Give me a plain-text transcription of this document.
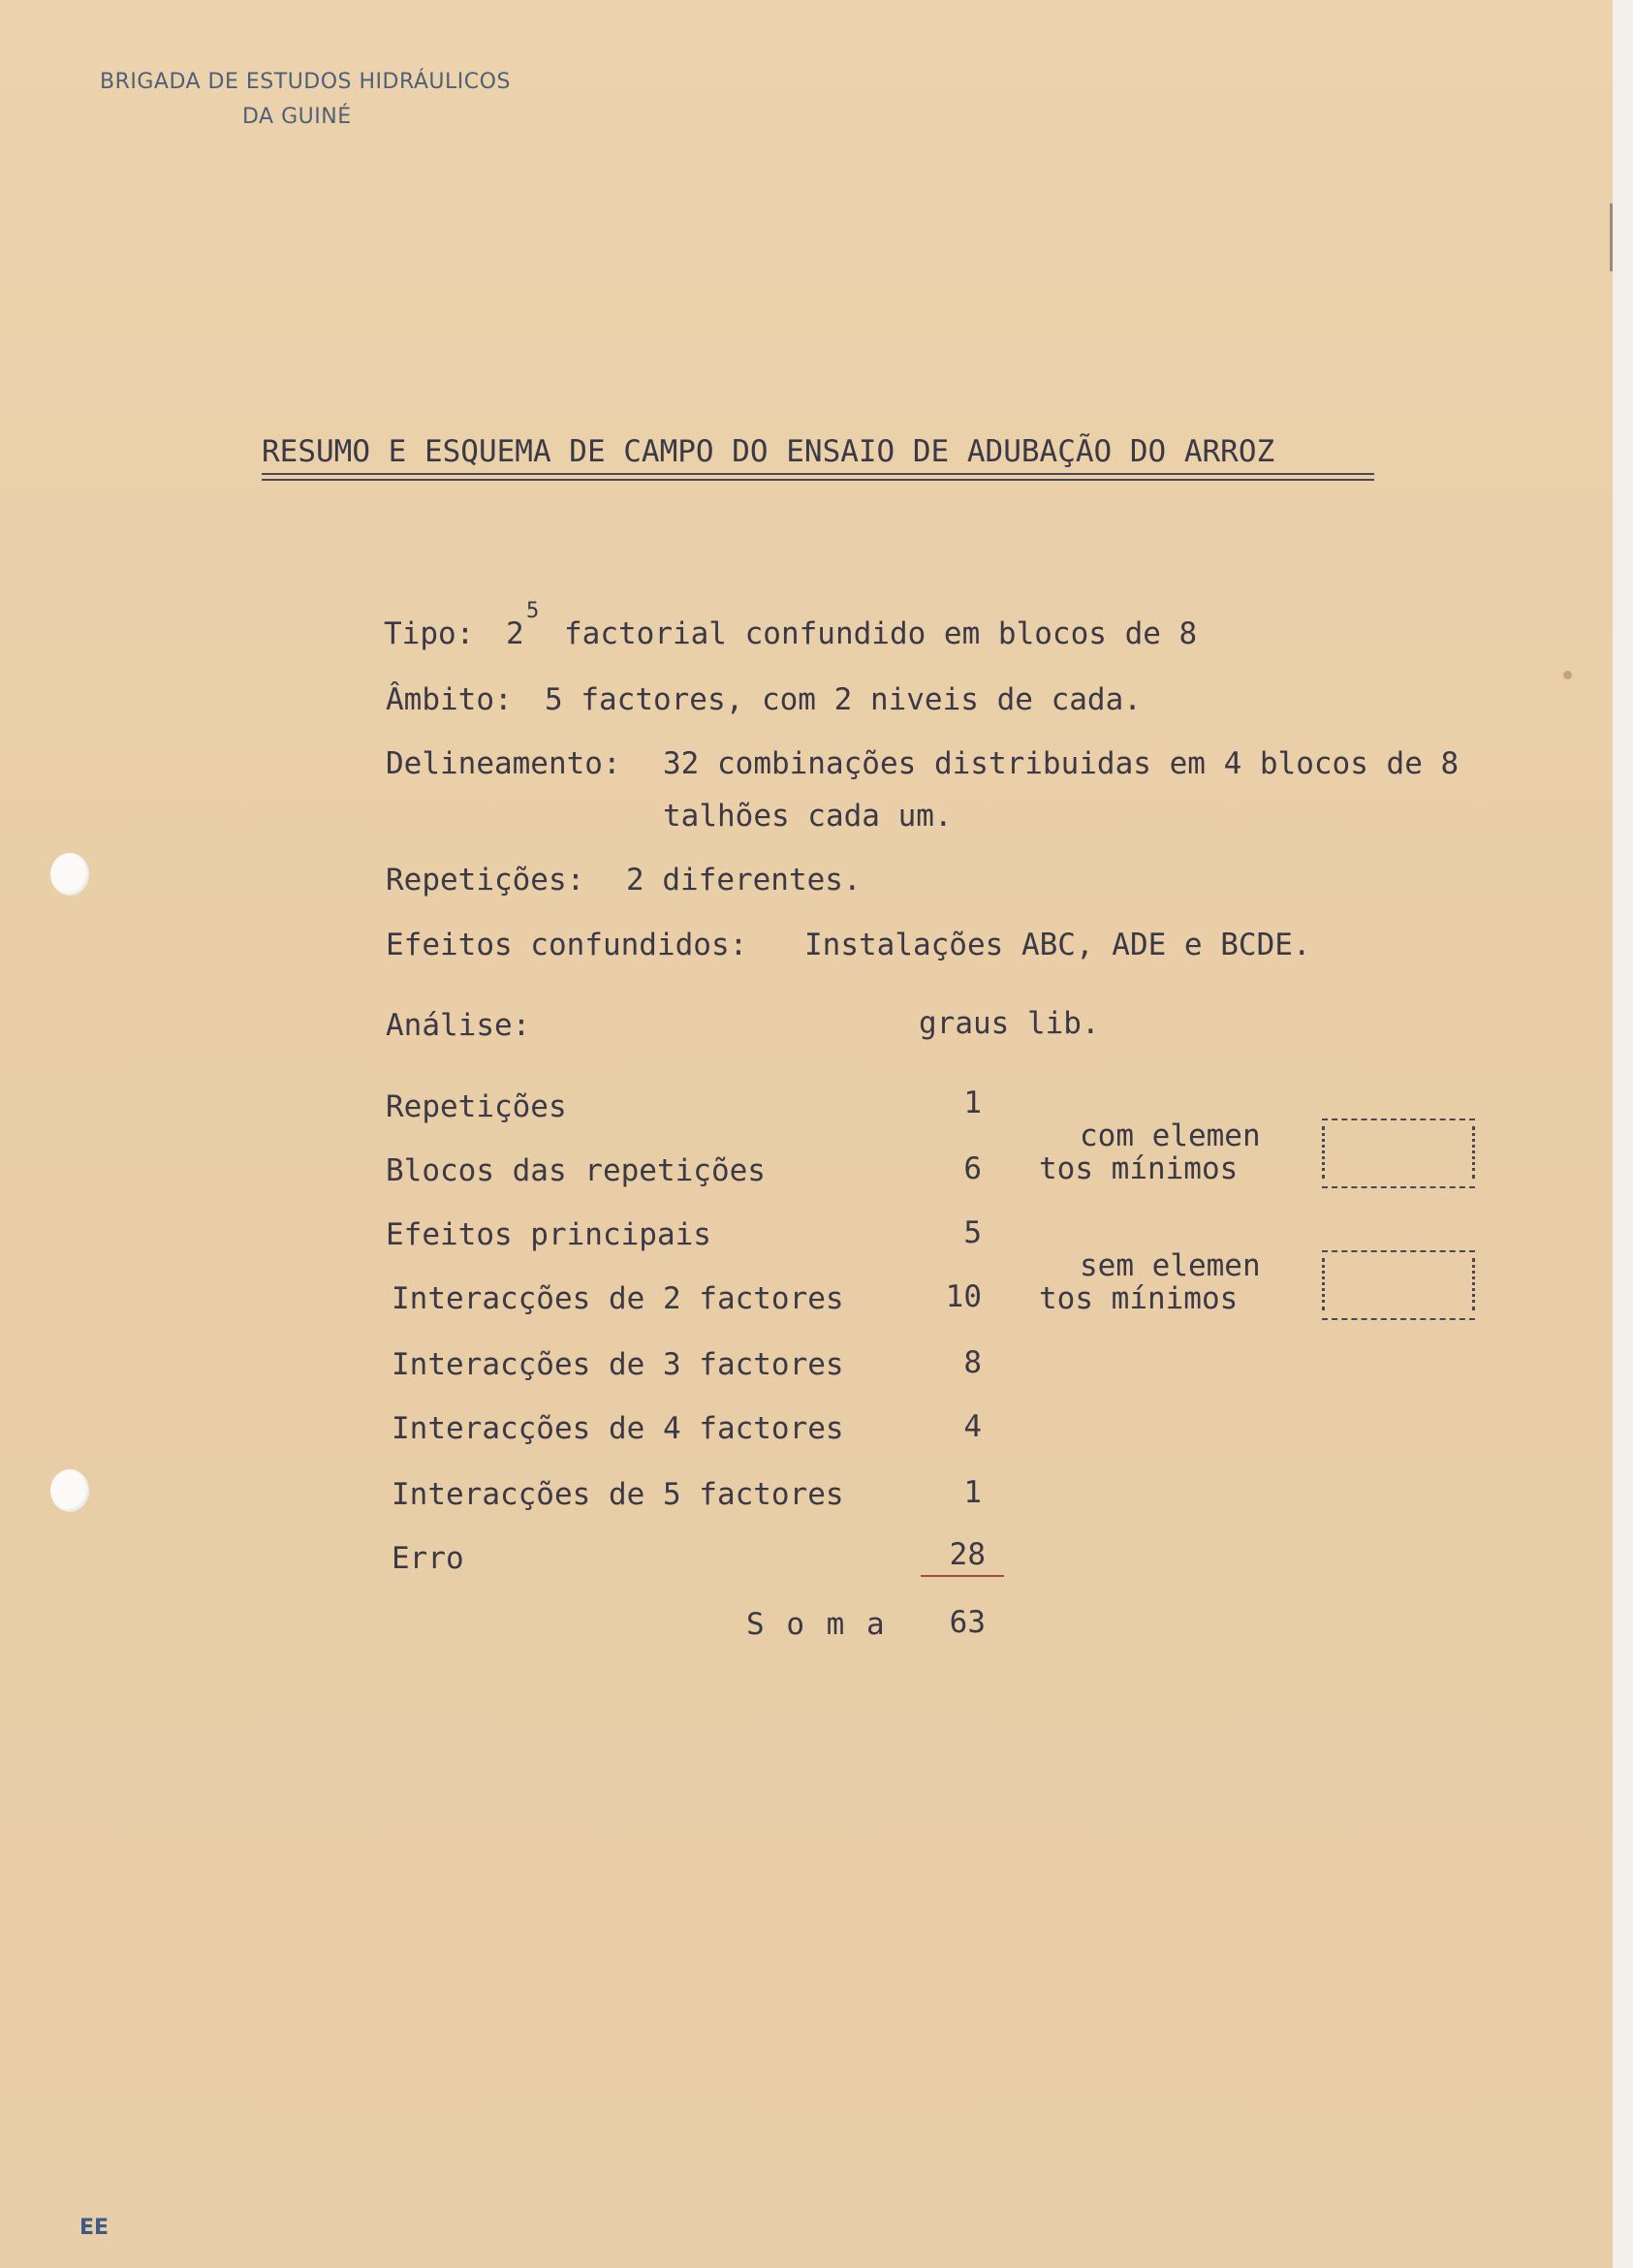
BRIGADA DE ESTUDOS HIDRÁULICOS
DA GUINÉ
RESUMO E ESQUEMA DE CAMPO DO ENSAIO DE ADUBAÇÃO DO ARROZ
Tipo: 2
5
factorial confundido em blocos de 8
Âmbito: 5 factores, com 2 niveis de cada.
Delineamento: 32 combinações distribuidas em 4 blocos de 8
talhões cada um.
Repetições: 2 diferentes.
Efeitos confundidos: Instalações ABC, ADE e BCDE.
Análise:	graus lib.
Repetições	1
Blocos das repetições	6
Efeitos principais	5
Interacções de 2 factores	10
Interacções de 3 factores	8
Interacções de 4 factores	4
Interacções de 5 factores	1
Erro	28
S o m a	63
com elemen
tos mínimos
sem elemen
tos mínimos
EE
